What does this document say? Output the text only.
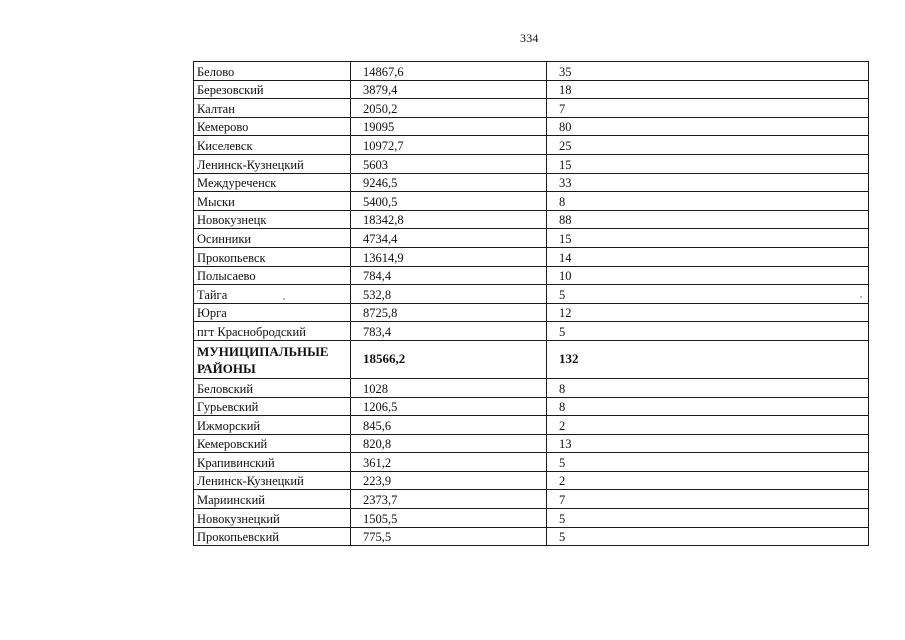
334
Белово	14867,6	35
Березовский	3879,4	18
Калтан	2050,2	7
Кемерово	19095	80
Киселевск	10972,7	25
Ленинск-Кузнецкий	5603	15
Междуреченск	9246,5	33
Мыски	5400,5	8
Новокузнецк	18342,8	88
Осинники	4734,4	15
Прокопьевск	13614,9	14
Полысаево	784,4	10
Тайга	532,8	5
Юрга	8725,8	12
пгт Краснобродский	783,4	5
МУНИЦИПАЛЬНЫЕ РАЙОНЫ	18566,2	132
Беловский	1028	8
Гурьевский	1206,5	8
Ижморский	845,6	2
Кемеровский	820,8	13
Крапивинский	361,2	5
Ленинск-Кузнецкий	223,9	2
Мариинский	2373,7	7
Новокузнецкий	1505,5	5
Прокопьевский	775,5	5
